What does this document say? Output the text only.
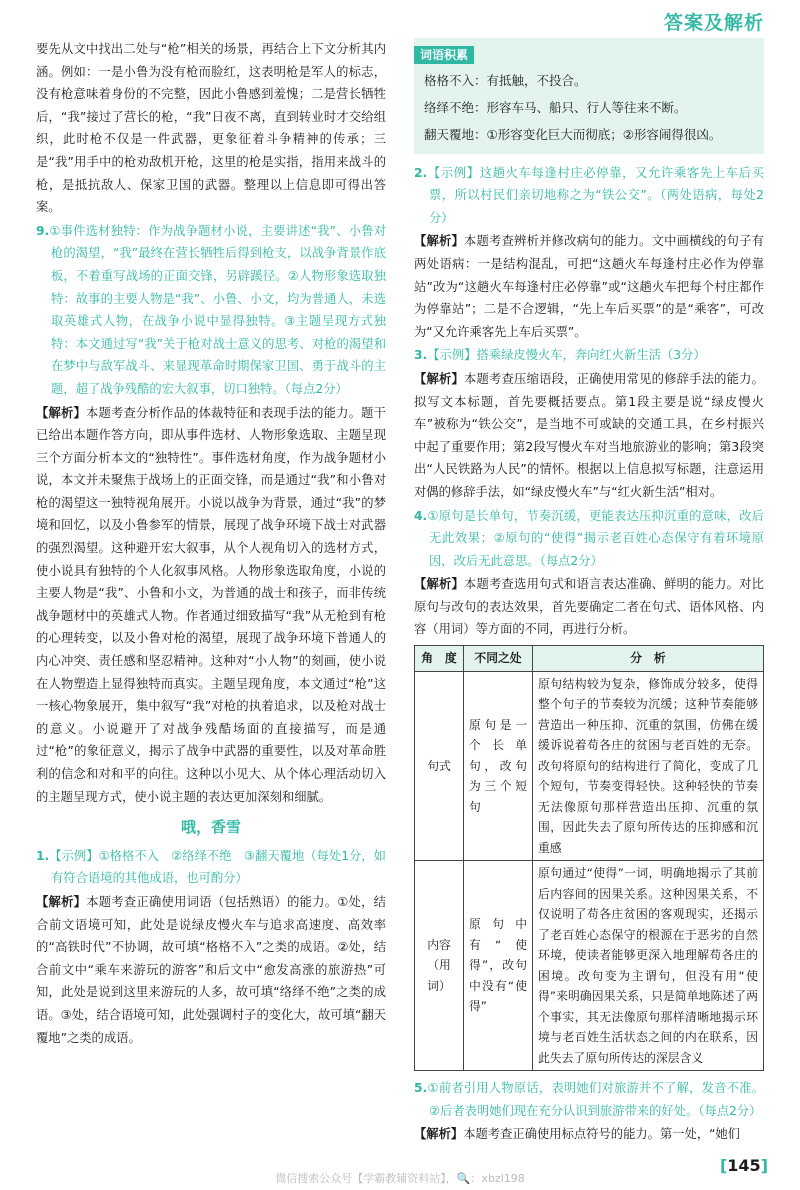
答案及解析

要先从文中找出二处与“枪”相关的场景，再结合上下文分析其内涵。例如：一是小鲁为没有枪而脸红，这表明枪是军人的标志，没有枪意味着身份的不完整，因此小鲁感到羞愧；二是营长牺牲后，“我”接过了营长的枪，“我”日夜不离，直到转业时才交给组织，此时枪不仅是一件武器，更象征着斗争精神的传承；三是“我”用手中的枪劝敌机开枪，这里的枪是实指，指用来战斗的枪，是抵抗敌人、保家卫国的武器。整理以上信息即可得出答案。

9.①事件选材独特：作为战争题材小说，主要讲述“我”、小鲁对枪的渴望，“我”最终在营长牺牲后得到枪支，以战争背景作底板，不着重写战场的正面交锋，另辟蹊径。②人物形象选取独特：故事的主要人物是“我”、小鲁、小文，均为普通人，未选取英雄式人物，在战争小说中显得独特。③主题呈现方式独特：本文通过写“我”关于枪对战士意义的思考、对枪的渴望和在梦中与敌军战斗、来显现革命时期保家卫国、勇于战斗的主题，超了战争残酷的宏大叙事，切口独特。（每点2分）

【解析】本题考查分析作品的体裁特征和表现手法的能力。题干已给出本题作答方向，即从事件选材、人物形象选取、主题呈现三个方面分析本文的“独特性”。事件选材角度，作为战争题材小说，本文并未聚焦于战场上的正面交锋，而是通过“我”和小鲁对枪的渴望这一独特视角展开。小说以战争为背景，通过“我”的梦境和回忆，以及小鲁参军的情景，展现了战争环境下战士对武器的强烈渴望。这种避开宏大叙事，从个人视角切入的选材方式，使小说具有独特的个人化叙事风格。人物形象选取角度，小说的主要人物是“我”、小鲁和小文，为普通的战士和孩子，而非传统战争题材中的英雄式人物。作者通过细致描写“我”从无枪到有枪的心理转变，以及小鲁对枪的渴望，展现了战争环境下普通人的内心冲突、责任感和坚忍精神。这种对“小人物”的刻画，使小说在人物塑造上显得独特而真实。主题呈现角度，本文通过“枪”这一核心物象展开，集中叙写“我”对枪的执着追求，以及枪对战士的意义。小说避开了对战争残酷场面的直接描写，而是通过“枪”的象征意义，揭示了战争中武器的重要性，以及对革命胜利的信念和对和平的向往。这种以小见大、从个体心理活动切入的主题呈现方式，使小说主题的表达更加深刻和细腻。

哦，香雪

1.【示例】①格格不入　②络绎不绝　③翻天覆地（每处1分，如有符合语境的其他成语，也可酌分）

【解析】本题考查正确使用词语（包括熟语）的能力。①处，结合前文语境可知，此处是说绿皮慢火车与追求高速度、高效率的“高铁时代”不协调，故可填“格格不入”之类的成语。②处，结合前文中“乘车来游玩的游客”和后文中“愈发高涨的旅游热”可知，此处是说到这里来游玩的人多，故可填“络绎不绝”之类的成语。③处，结合语境可知，此处强调村子的变化大，故可填“翻天覆地”之类的成语。

词语积累
格格不入：有抵触，不投合。
络绎不绝：形容车马、船只、行人等往来不断。
翻天覆地：①形容变化巨大而彻底；②形容闹得很凶。

2.【示例】这趟火车每逢村庄必停靠，又允许乘客先上车后买票，所以村民们亲切地称之为“铁公交”。（两处语病，每处2分）

【解析】本题考查辨析并修改病句的能力。文中画横线的句子有两处语病：一是结构混乱，可把“这趟火车每逢村庄必作为停靠站”改为“这趟火车每逢村庄必停靠”或“这趟火车把每个村庄都作为停靠站”；二是不合逻辑，“先上车后买票”的是“乘客”，可改为“又允许乘客先上车后买票”。

3.【示例】搭乘绿皮慢火车，奔向红火新生活（3分）

【解析】本题考查压缩语段，正确使用常见的修辞手法的能力。拟写文本标题，首先要概括要点。第1段主要是说“绿皮慢火车”被称为“铁公交”，是当地不可或缺的交通工具，在乡村振兴中起了重要作用；第2段写慢火车对当地旅游业的影响；第3段突出“人民铁路为人民”的情怀。根据以上信息拟写标题，注意运用对偶的修辞手法，如“绿皮慢火车”与“红火新生活”相对。

4.①原句是长单句，节奏沉缓，更能表达压抑沉重的意味，改后无此效果；②原句的“使得”揭示老百姓心态保守有着环境原因，改后无此意思。（每点2分）

【解析】本题考查选用句式和语言表达准确、鲜明的能力。对比原句与改句的表达效果，首先要确定二者在句式、语体风格、内容（用词）等方面的不同，再进行分析。

角　度	不同之处	分　析
句式	原句是一个长单句，改句为三个短句	原句结构较为复杂，修饰成分较多，使得整个句子的节奏较为沉缓；这种节奏能够营造出一种压抑、沉重的氛围，仿佛在缓缓诉说着苟各庄的贫困与老百姓的无奈。改句将原句的结构进行了简化，变成了几个短句，节奏变得轻快。这种轻快的节奏无法像原句那样营造出压抑、沉重的氛围，因此失去了原句所传达的压抑感和沉重感
内容（用词）	原句中有“使得”，改句中没有“使得”	原句通过“使得”一词，明确地揭示了其前后内容间的因果关系。这种因果关系，不仅说明了苟各庄贫困的客观现实，还揭示了老百姓心态保守的根源在于恶劣的自然环境，使读者能够更深入地理解苟各庄的困境。改句变为主谓句，但没有用“使得”来明确因果关系，只是简单地陈述了两个事实，其无法像原句那样清晰地揭示环境与老百姓生活状态之间的内在联系，因此失去了原句所传达的深层含义

5.①前者引用人物原话，表明她们对旅游并不了解，发音不准。②后者表明她们现在充分认识到旅游带来的好处。（每点2分）

【解析】本题考查正确使用标点符号的能力。第一处，“她们

[145]
微信搜索公众号【学霸教辅资料站】，🔍：xbzl198
